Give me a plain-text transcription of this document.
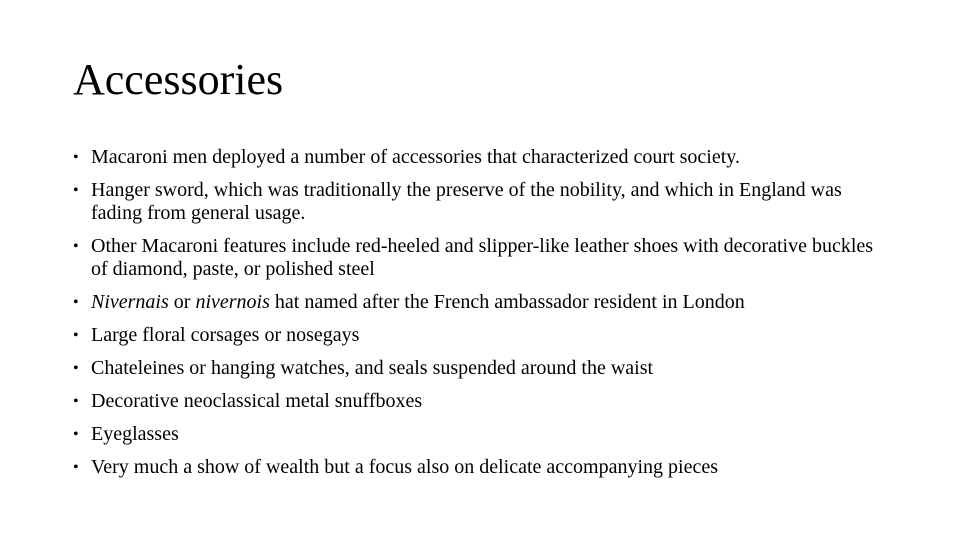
Accessories
• Macaroni men deployed a number of accessories that characterized court society.
• Hanger sword, which was traditionally the preserve of the nobility, and which in England was fading from general usage.
• Other Macaroni features include red-heeled and slipper-like leather shoes with decorative buckles of diamond, paste, or polished steel
• Nivernais or nivernois hat named after the French ambassador resident in London
• Large floral corsages or nosegays
• Chateleines or hanging watches, and seals suspended around the waist
• Decorative neoclassical metal snuffboxes
• Eyeglasses
• Very much a show of wealth but a focus also on delicate accompanying pieces
